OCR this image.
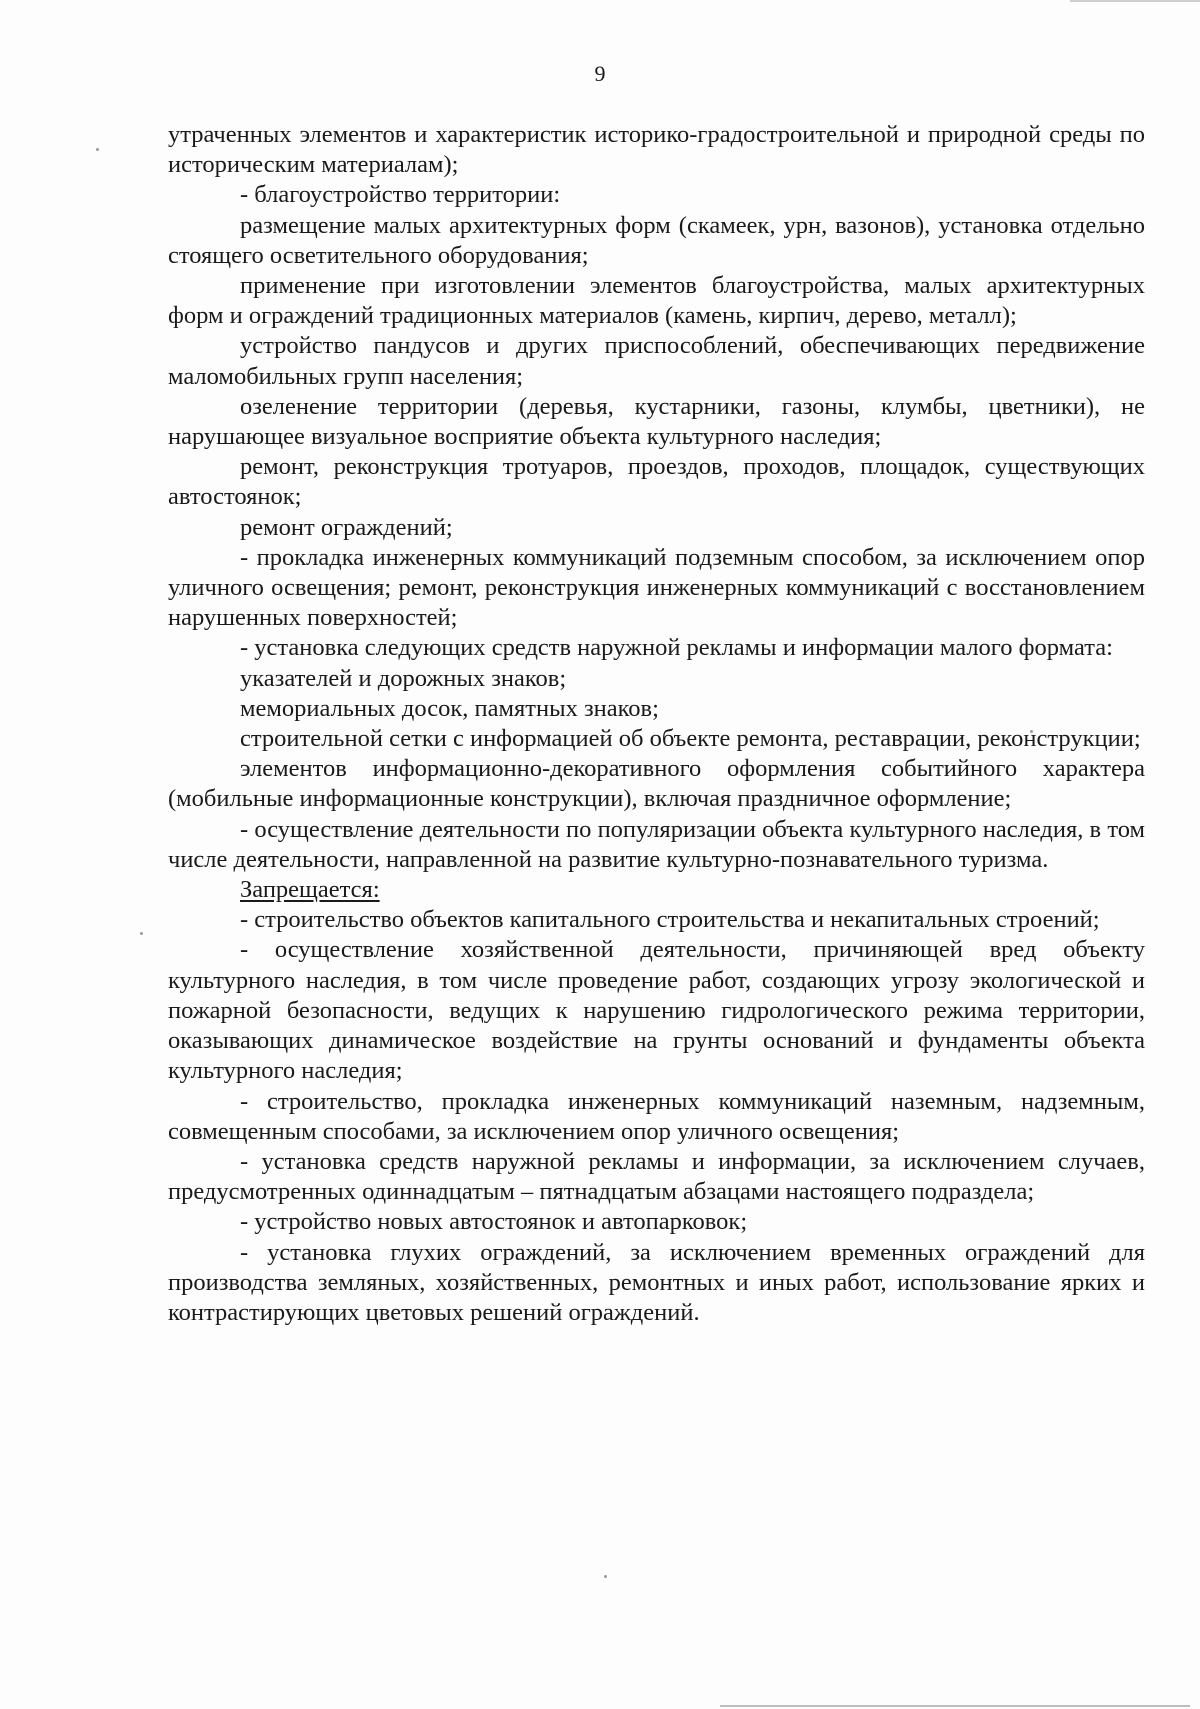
9

утраченных элементов и характеристик историко-градостроительной и природной среды по историческим материалам);

- благоустройство территории:

размещение малых архитектурных форм (скамеек, урн, вазонов), установка отдельно стоящего осветительного оборудования;

применение при изготовлении элементов благоустройства, малых архитектурных форм и ограждений традиционных материалов (камень, кирпич, дерево, металл);

устройство пандусов и других приспособлений, обеспечивающих передвижение маломобильных групп населения;

озеленение территории (деревья, кустарники, газоны, клумбы, цветники), не нарушающее визуальное восприятие объекта культурного наследия;

ремонт, реконструкция тротуаров, проездов, проходов, площадок, существующих автостоянок;

ремонт ограждений;

- прокладка инженерных коммуникаций подземным способом, за исключением опор уличного освещения; ремонт, реконструкция инженерных коммуникаций с восстановлением нарушенных поверхностей;

- установка следующих средств наружной рекламы и информации малого формата:

указателей и дорожных знаков;

мемориальных досок, памятных знаков;

строительной сетки с информацией об объекте ремонта, реставрации, реконструкции;

элементов информационно-декоративного оформления событийного характера (мобильные информационные конструкции), включая праздничное оформление;

- осуществление деятельности по популяризации объекта культурного наследия, в том числе деятельности, направленной на развитие культурно-познавательного туризма.

Запрещается:

- строительство объектов капитального строительства и некапитальных строений;

- осуществление хозяйственной деятельности, причиняющей вред объекту культурного наследия, в том числе проведение работ, создающих угрозу экологической и пожарной безопасности, ведущих к нарушению гидрологического режима территории, оказывающих динамическое воздействие на грунты оснований и фундаменты объекта культурного наследия;

- строительство, прокладка инженерных коммуникаций наземным, надземным, совмещенным способами, за исключением опор уличного освещения;

- установка средств наружной рекламы и информации, за исключением случаев, предусмотренных одиннадцатым – пятнадцатым абзацами настоящего подраздела;

- устройство новых автостоянок и автопарковок;

- установка глухих ограждений, за исключением временных ограждений для производства земляных, хозяйственных, ремонтных и иных работ, использование ярких и контрастирующих цветовых решений ограждений.
